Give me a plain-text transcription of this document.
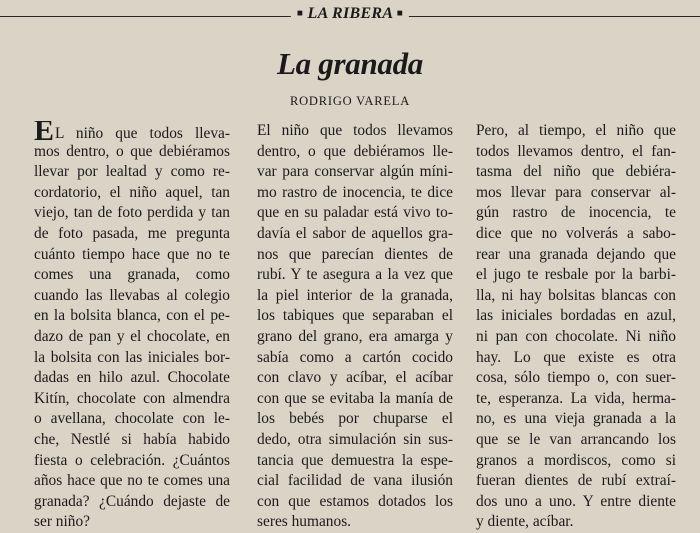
■ LA RIBERA ■
La granada
RODRIGO VARELA
EL niño que todos lleva-
mos dentro, o que debiéramos
llevar por lealtad y como re-
cordatorio, el niño aquel, tan
viejo, tan de foto perdida y tan
de foto pasada, me pregunta
cuánto tiempo hace que no te
comes una granada, como
cuando las llevabas al colegio
en la bolsita blanca, con el pe-
dazo de pan y el chocolate, en
la bolsita con las iniciales bor-
dadas en hilo azul. Chocolate
Kitín, chocolate con almendra
o avellana, chocolate con le-
che, Nestlé si había habido
fiesta o celebración. ¿Cuántos
años hace que no te comes una
granada? ¿Cuándo dejaste de
ser niño?
El niño que todos llevamos
dentro, o que debiéramos lle-
var para conservar algún míni-
mo rastro de inocencia, te dice
que en su paladar está vivo to-
davía el sabor de aquellos gra-
nos que parecían dientes de
rubí. Y te asegura a la vez que
la piel interior de la granada,
los tabiques que separaban el
grano del grano, era amarga y
sabía como a cartón cocido
con clavo y acíbar, el acíbar
con que se evitaba la manía de
los bebés por chuparse el
dedo, otra simulación sin sus-
tancia que demuestra la espe-
cial facilidad de vana ilusión
con que estamos dotados los
seres humanos.
Pero, al tiempo, el niño que
todos llevamos dentro, el fan-
tasma del niño que debiéra-
mos llevar para conservar al-
gún rastro de inocencia, te
dice que no volverás a sabo-
rear una granada dejando que
el jugo te resbale por la barbi-
lla, ni hay bolsitas blancas con
las iniciales bordadas en azul,
ni pan con chocolate. Ni niño
hay. Lo que existe es otra
cosa, sólo tiempo o, con suer-
te, esperanza. La vida, herma-
no, es una vieja granada a la
que se le van arrancando los
granos a mordiscos, como si
fueran dientes de rubí extraí-
dos uno a uno. Y entre diente
y diente, acíbar.
